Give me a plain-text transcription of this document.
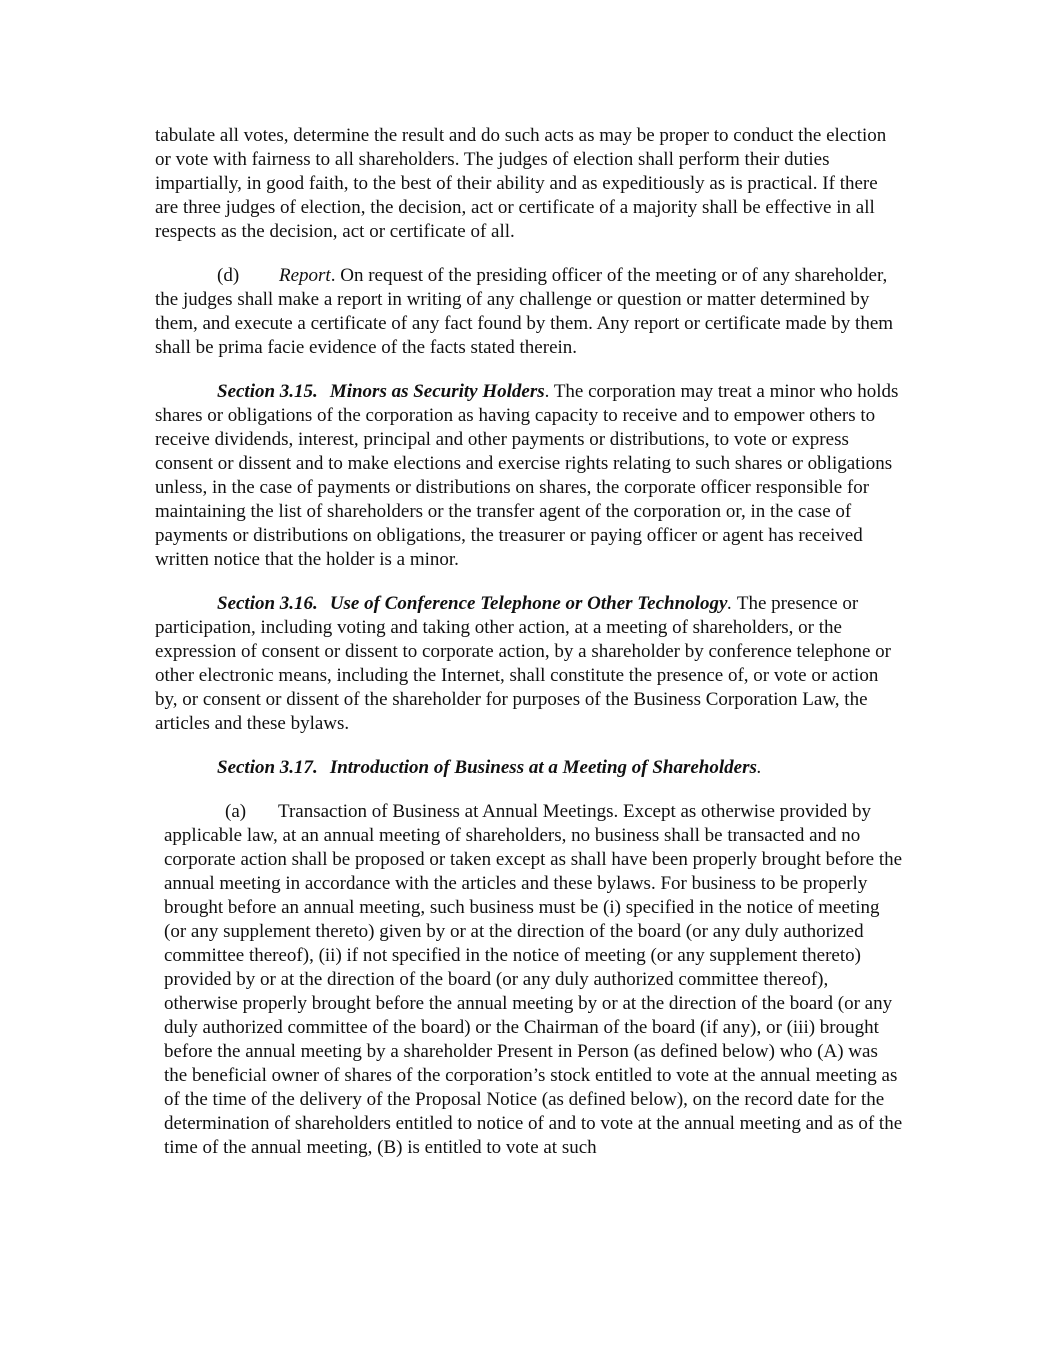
tabulate all votes, determine the result and do such acts as may be proper to conduct the election or vote with fairness to all shareholders. The judges of election shall perform their duties impartially, in good faith, to the best of their ability and as expeditiously as is practical. If there are three judges of election, the decision, act or certificate of a majority shall be effective in all respects as the decision, act or certificate of all.

(d) Report. On request of the presiding officer of the meeting or of any shareholder, the judges shall make a report in writing of any challenge or question or matter determined by them, and execute a certificate of any fact found by them. Any report or certificate made by them shall be prima facie evidence of the facts stated therein.

Section 3.15. Minors as Security Holders. The corporation may treat a minor who holds shares or obligations of the corporation as having capacity to receive and to empower others to receive dividends, interest, principal and other payments or distributions, to vote or express consent or dissent and to make elections and exercise rights relating to such shares or obligations unless, in the case of payments or distributions on shares, the corporate officer responsible for maintaining the list of shareholders or the transfer agent of the corporation or, in the case of payments or distributions on obligations, the treasurer or paying officer or agent has received written notice that the holder is a minor.

Section 3.16. Use of Conference Telephone or Other Technology. The presence or participation, including voting and taking other action, at a meeting of shareholders, or the expression of consent or dissent to corporate action, by a shareholder by conference telephone or other electronic means, including the Internet, shall constitute the presence of, or vote or action by, or consent or dissent of the shareholder for purposes of the Business Corporation Law, the articles and these bylaws.

Section 3.17. Introduction of Business at a Meeting of Shareholders.

(a) Transaction of Business at Annual Meetings. Except as otherwise provided by applicable law, at an annual meeting of shareholders, no business shall be transacted and no corporate action shall be proposed or taken except as shall have been properly brought before the annual meeting in accordance with the articles and these bylaws. For business to be properly brought before an annual meeting, such business must be (i) specified in the notice of meeting (or any supplement thereto) given by or at the direction of the board (or any duly authorized committee thereof), (ii) if not specified in the notice of meeting (or any supplement thereto) provided by or at the direction of the board (or any duly authorized committee thereof), otherwise properly brought before the annual meeting by or at the direction of the board (or any duly authorized committee of the board) or the Chairman of the board (if any), or (iii) brought before the annual meeting by a shareholder Present in Person (as defined below) who (A) was the beneficial owner of shares of the corporation’s stock entitled to vote at the annual meeting as of the time of the delivery of the Proposal Notice (as defined below), on the record date for the determination of shareholders entitled to notice of and to vote at the annual meeting and as of the time of the annual meeting, (B) is entitled to vote at such
